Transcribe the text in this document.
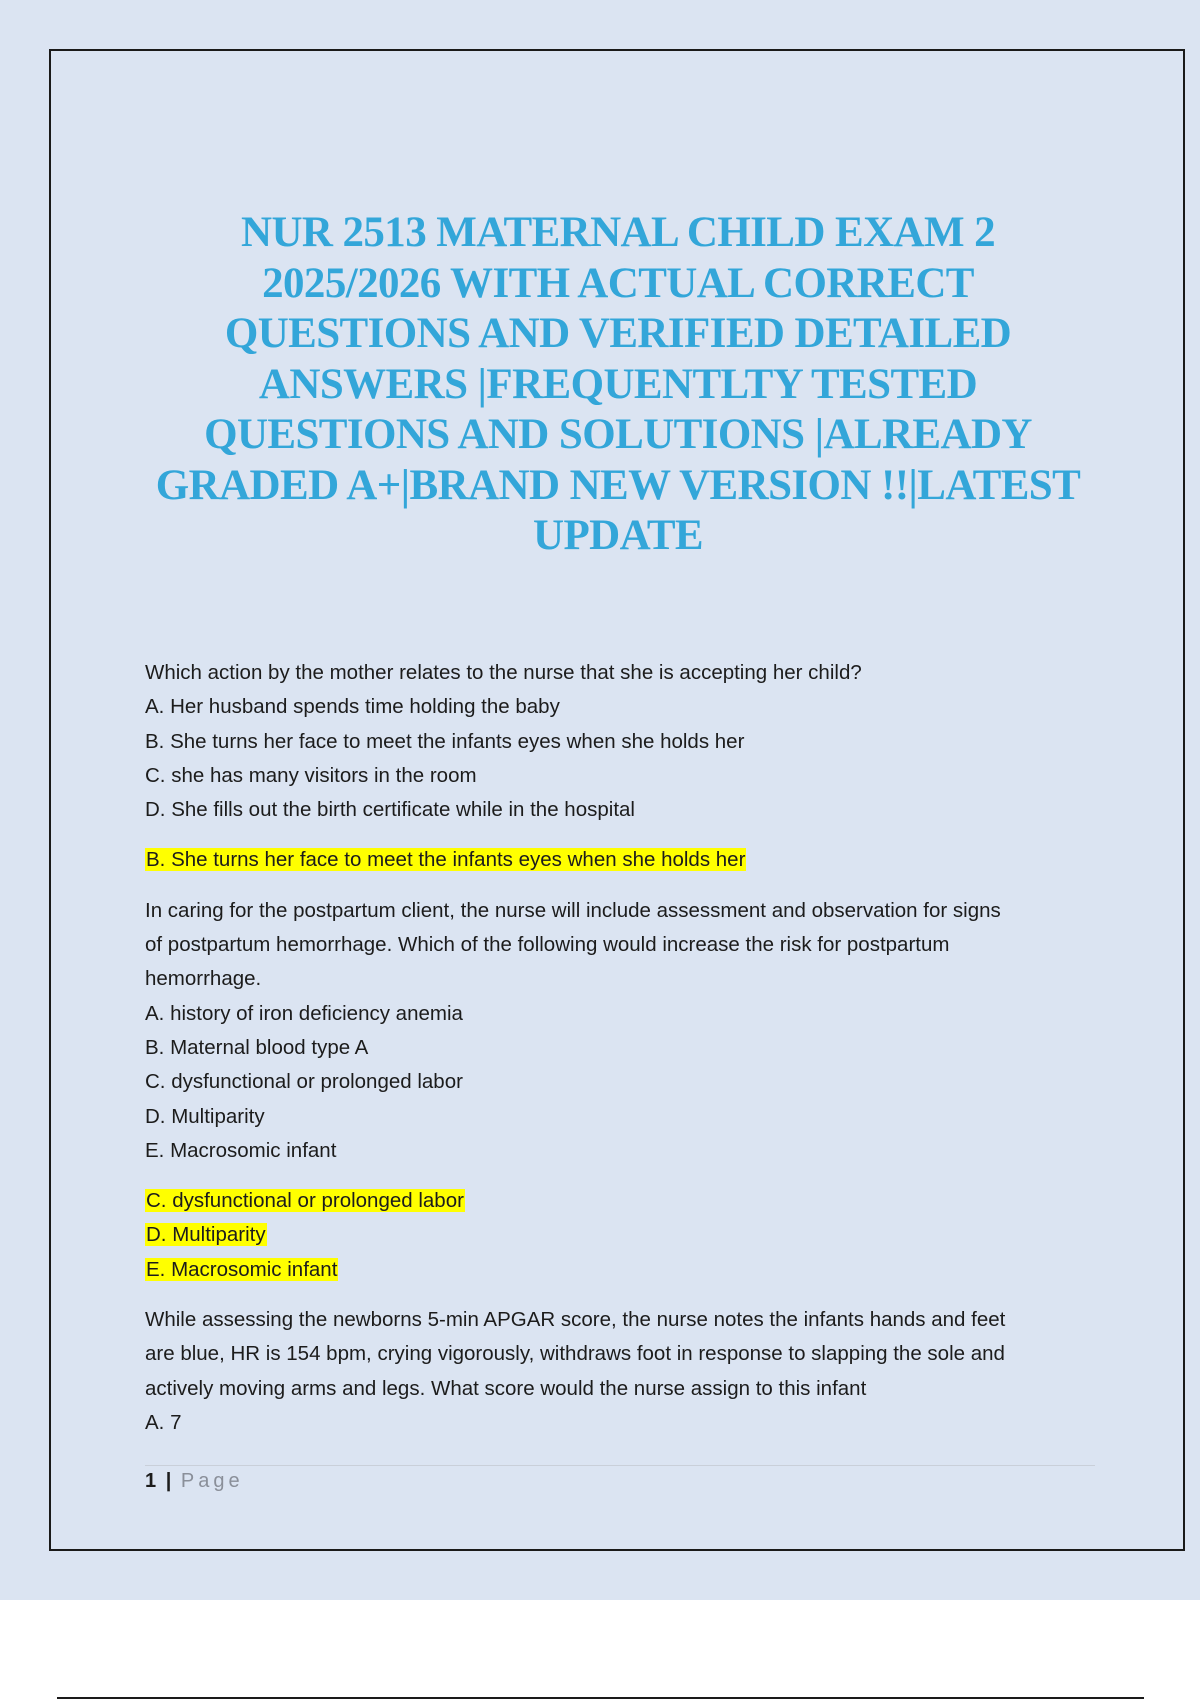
NUR 2513 MATERNAL CHILD EXAM 2
2025/2026 WITH ACTUAL CORRECT
QUESTIONS AND VERIFIED DETAILED
ANSWERS |FREQUENTLTY TESTED
QUESTIONS AND SOLUTIONS |ALREADY
GRADED A+|BRAND NEW VERSION !!|LATEST
UPDATE
Which action by the mother relates to the nurse that she is accepting her child?
A. Her husband spends time holding the baby
B. She turns her face to meet the infants eyes when she holds her
C. she has many visitors in the room
D. She fills out the birth certificate while in the hospital
B. She turns her face to meet the infants eyes when she holds her
In caring for the postpartum client, the nurse will include assessment and observation for signs
of postpartum hemorrhage. Which of the following would increase the risk for postpartum
hemorrhage.
A. history of iron deficiency anemia
B. Maternal blood type A
C. dysfunctional or prolonged labor
D. Multiparity
E. Macrosomic infant
C. dysfunctional or prolonged labor
D. Multiparity
E. Macrosomic infant
While assessing the newborns 5-min APGAR score, the nurse notes the infants hands and feet
are blue, HR is 154 bpm, crying vigorously, withdraws foot in response to slapping the sole and
actively moving arms and legs. What score would the nurse assign to this infant
A. 7
1 | Page
